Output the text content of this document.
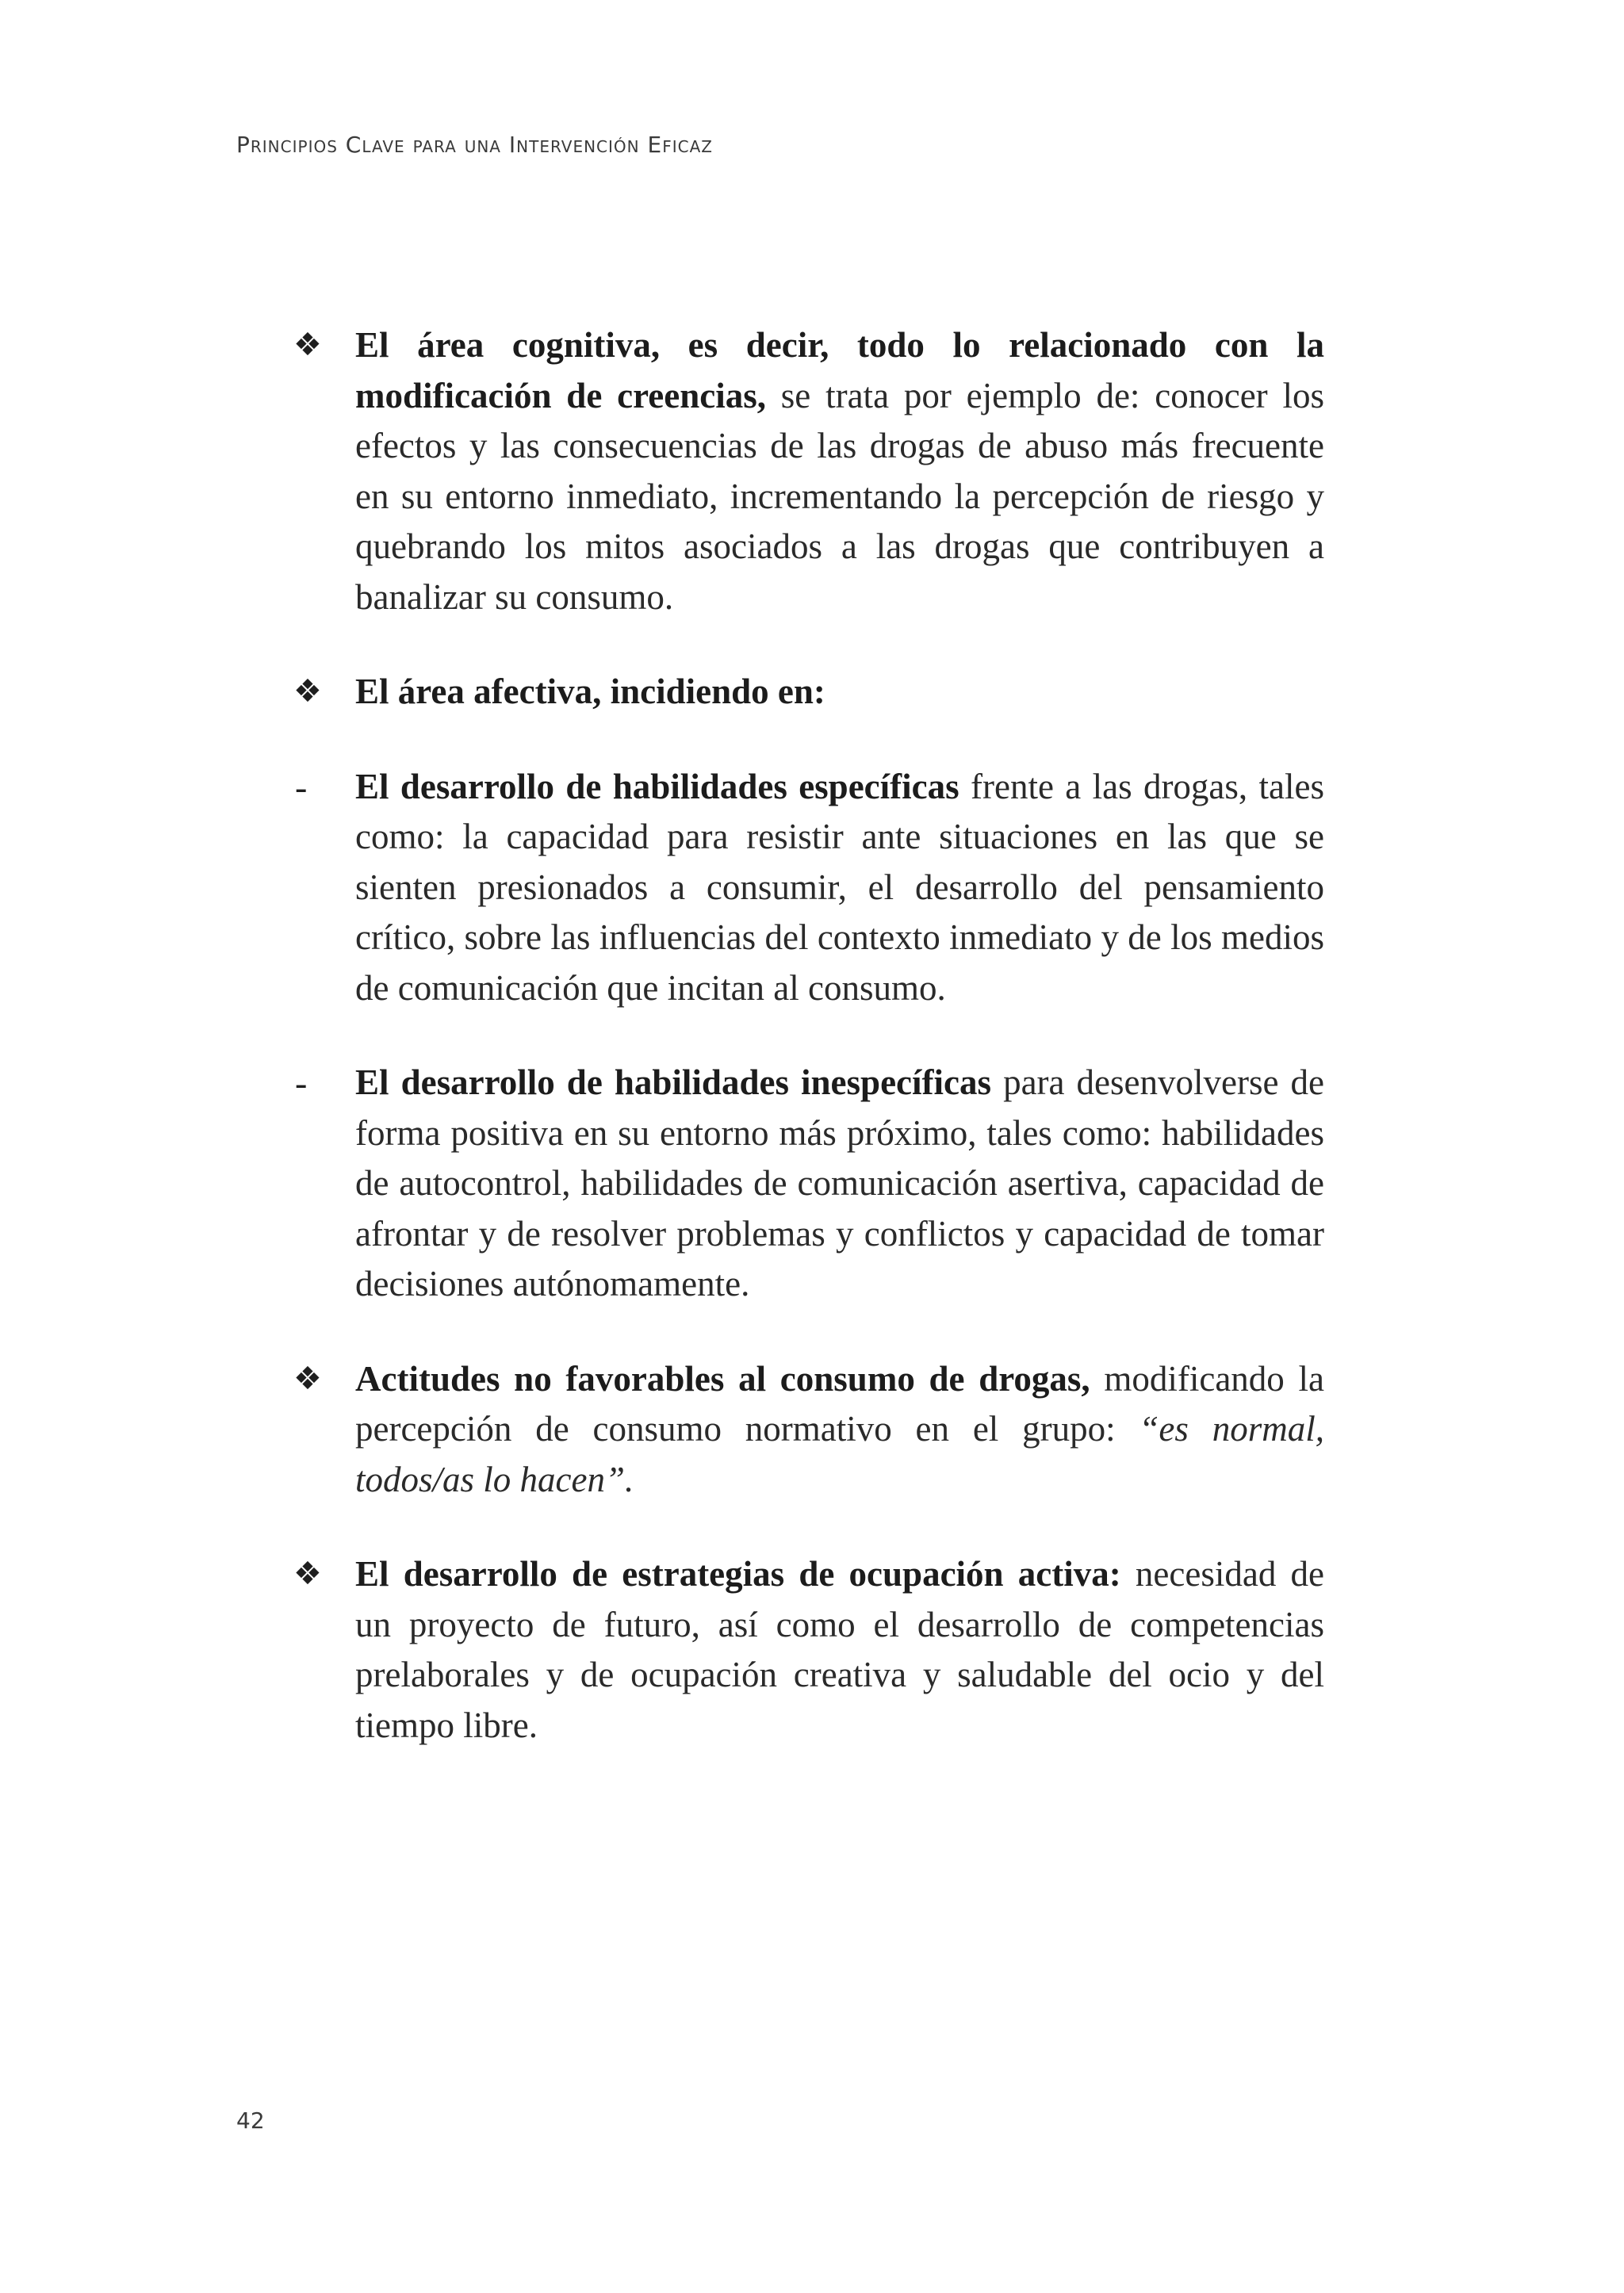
Principios Clave para una Intervención Eficaz
❖ El área cognitiva, es decir, todo lo relacionado con la modificación de creencias, se trata por ejemplo de: conocer los efectos y las consecuencias de las drogas de abuso más frecuente en su entorno inmediato, incrementando la percepción de riesgo y quebrando los mitos asociados a las drogas que contribuyen a banalizar su consumo.
❖ El área afectiva, incidiendo en:
-	El desarrollo de habilidades específicas frente a las drogas, tales como: la capacidad para resistir ante situaciones en las que se sienten presionados a consumir, el desarrollo del pensamiento crítico, sobre las influencias del contexto inmediato y de los medios de comunicación que incitan al consumo.
-	El desarrollo de habilidades inespecíficas para desenvolverse de forma positiva en su entorno más próximo, tales como: habilidades de autocontrol, habilidades de comunicación asertiva, capacidad de afrontar y de resolver problemas y conflictos y capacidad de tomar decisiones autónomamente.
❖ Actitudes no favorables al consumo de drogas, modificando la percepción de consumo normativo en el grupo: “es normal, todos/as lo hacen”.
❖ El desarrollo de estrategias de ocupación activa: necesidad de un proyecto de futuro, así como el desarrollo de competencias prelaborales y de ocupación creativa y saludable del ocio y del tiempo libre.
42
